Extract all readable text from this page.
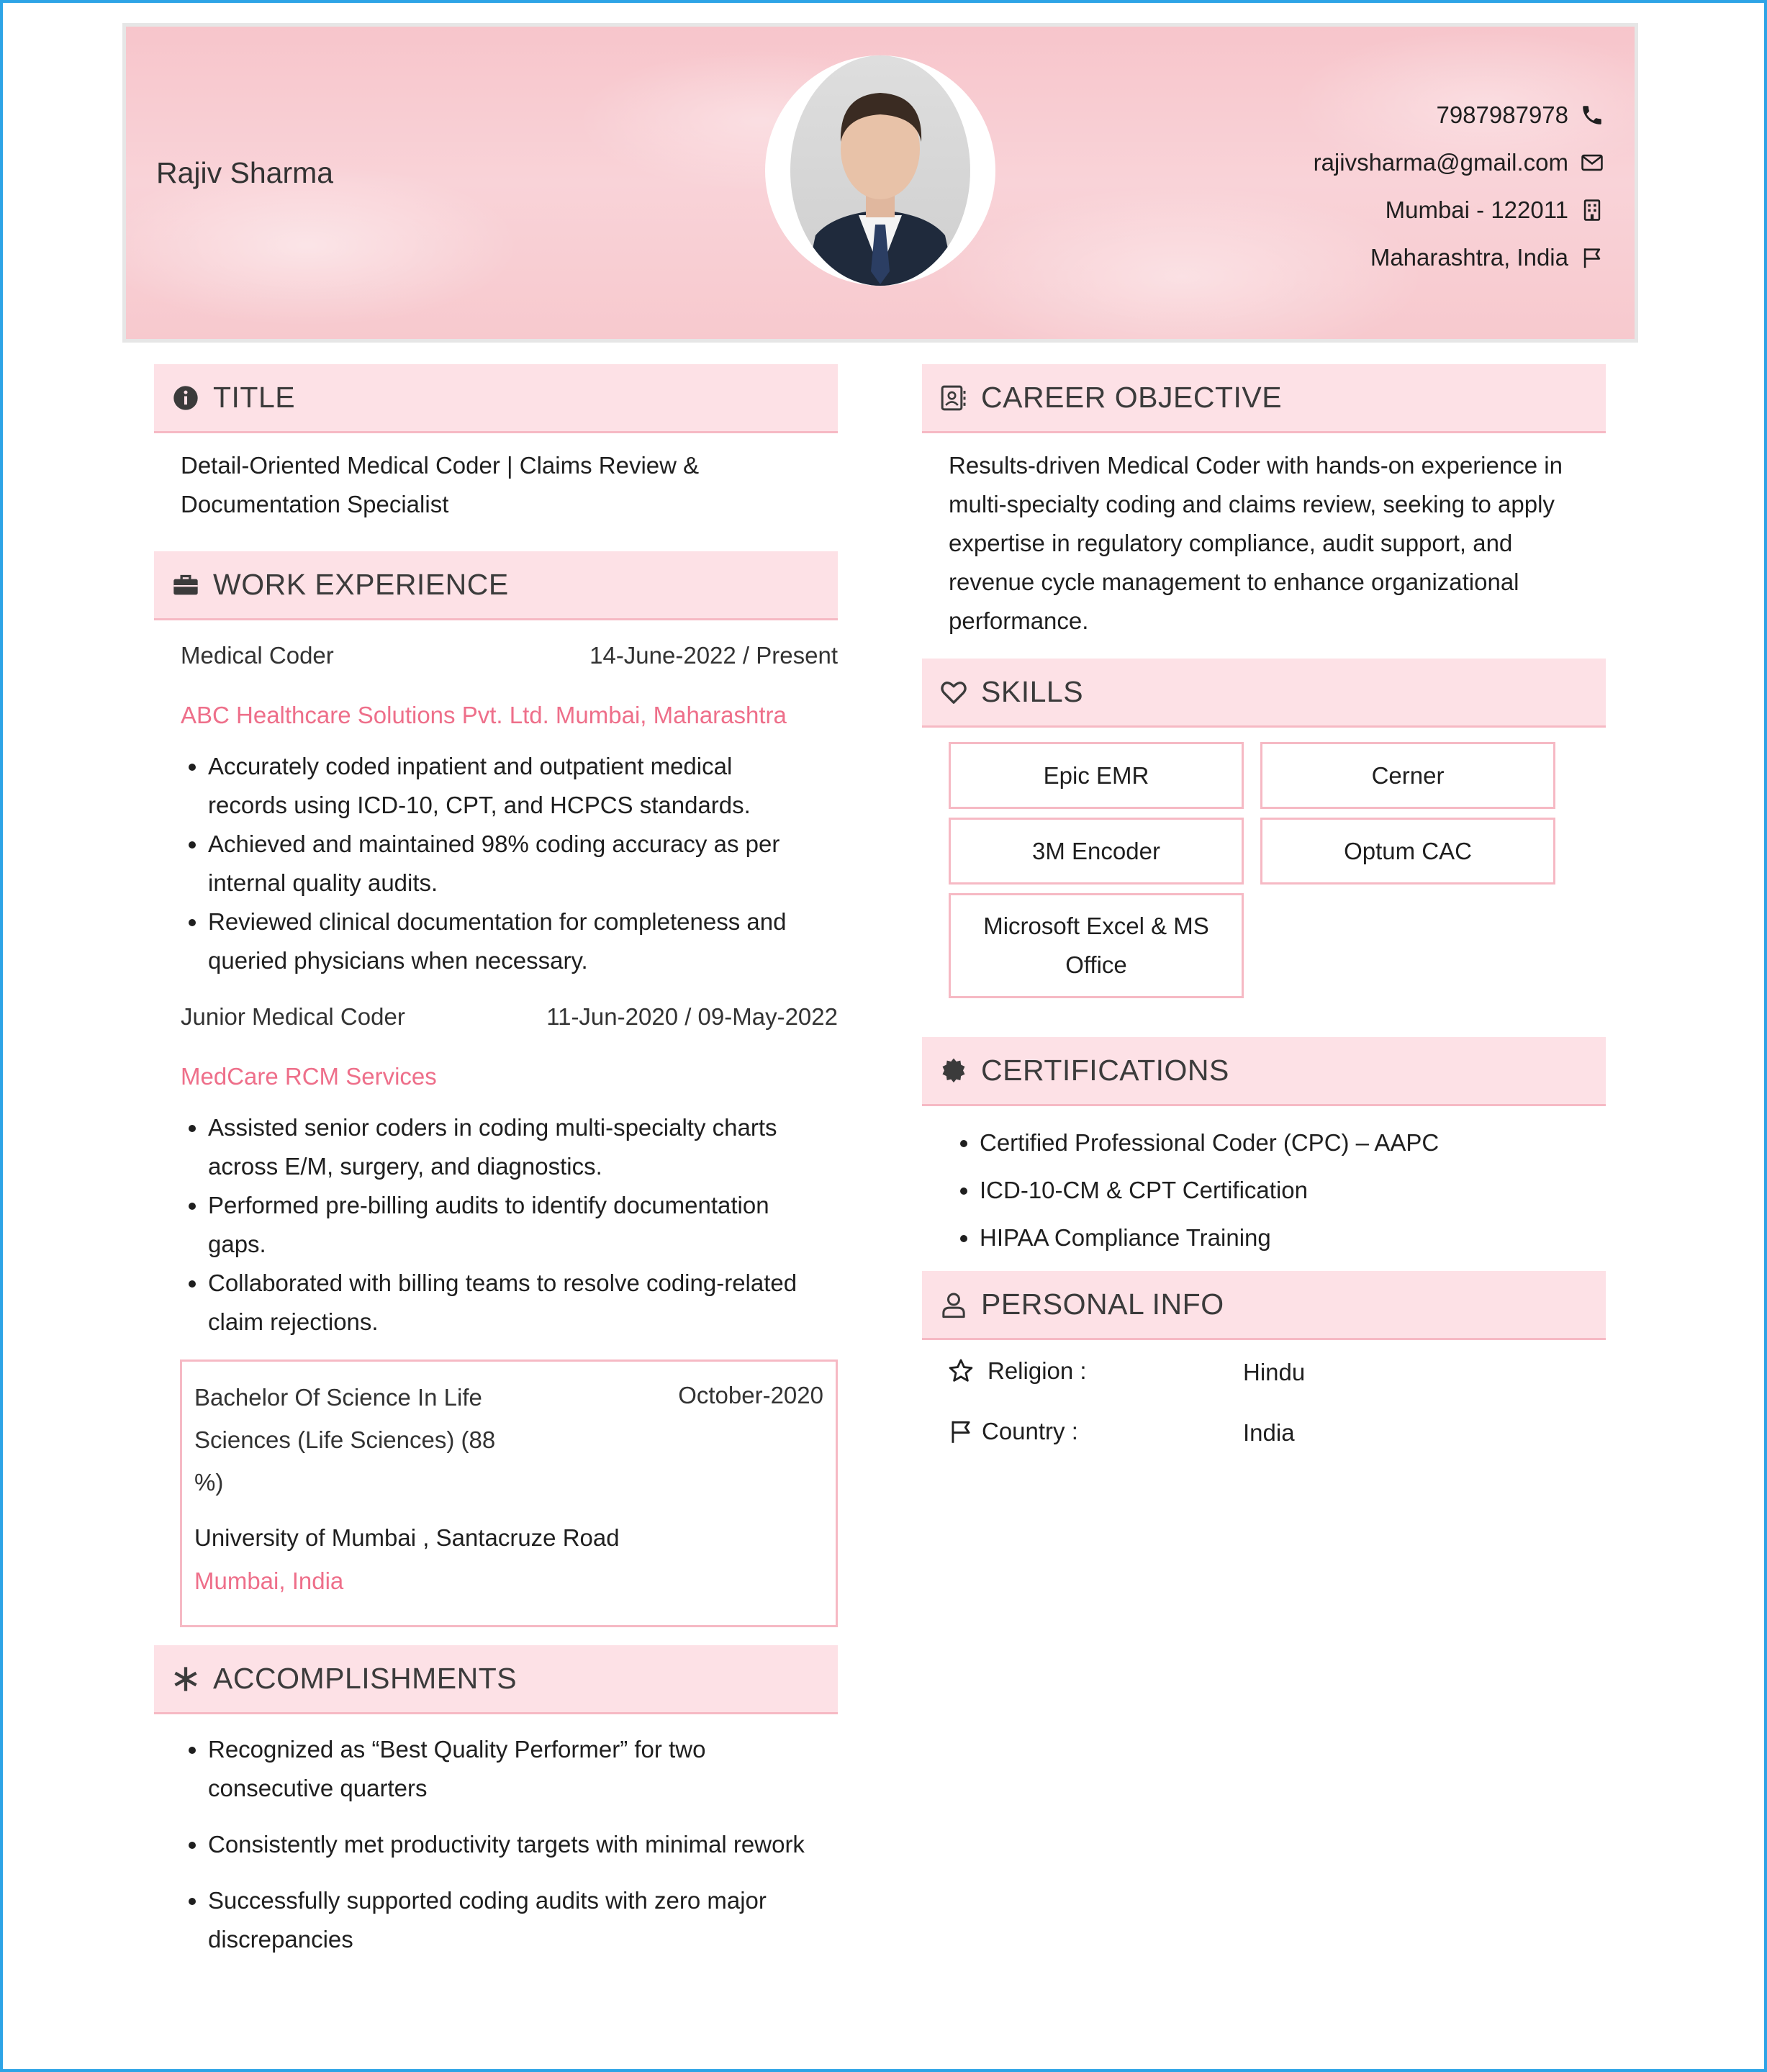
Rajiv Sharma
7987987978
rajivsharma@gmail.com
Mumbai - 122011
Maharashtra, India
TITLE
Detail-Oriented Medical Coder | Claims Review &
Documentation Specialist
WORK EXPERIENCE
Medical Coder	14-June-2022 / Present
ABC Healthcare Solutions Pvt. Ltd. Mumbai, Maharashtra
• Accurately coded inpatient and outpatient medical
records using ICD-10, CPT, and HCPCS standards.
• Achieved and maintained 98% coding accuracy as per
internal quality audits.
• Reviewed clinical documentation for completeness and
queried physicians when necessary.
Junior Medical Coder	11-Jun-2020 / 09-May-2022
MedCare RCM Services
• Assisted senior coders in coding multi-specialty charts
across E/M, surgery, and diagnostics.
• Performed pre-billing audits to identify documentation
gaps.
• Collaborated with billing teams to resolve coding-related
claim rejections.
Bachelor Of Science In Life
Sciences (Life Sciences) (88
%)
October-2020
University of Mumbai , Santacruze Road
Mumbai, India
ACCOMPLISHMENTS
• Recognized as “Best Quality Performer” for two
consecutive quarters
• Consistently met productivity targets with minimal rework
• Successfully supported coding audits with zero major
discrepancies
CAREER OBJECTIVE
Results-driven Medical Coder with hands-on experience in
multi-specialty coding and claims review, seeking to apply
expertise in regulatory compliance, audit support, and
revenue cycle management to enhance organizational
performance.
SKILLS
Epic EMR	Cerner
3M Encoder	Optum CAC
Microsoft Excel & MS
Office
CERTIFICATIONS
• Certified Professional Coder (CPC) – AAPC
• ICD-10-CM & CPT Certification
• HIPAA Compliance Training
PERSONAL INFO
Religion :	Hindu
Country :	India
